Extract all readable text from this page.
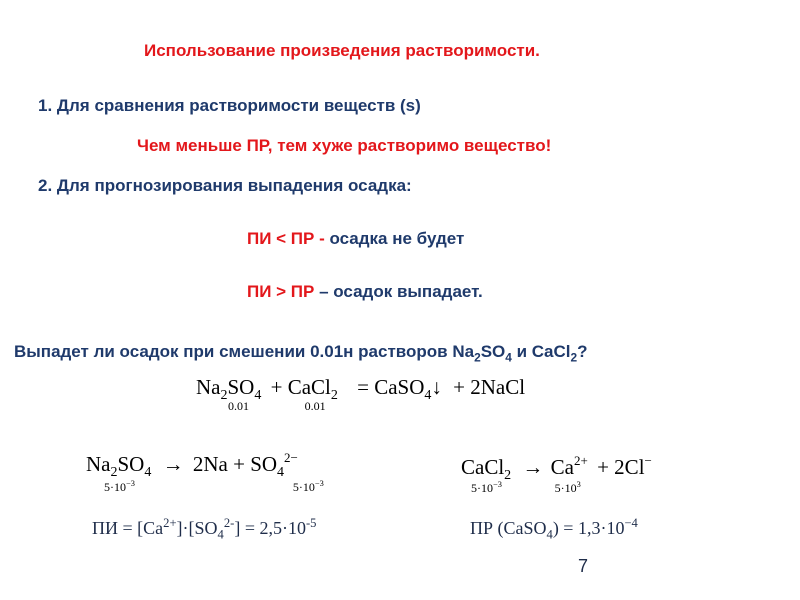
Использование произведения растворимости.
1. Для сравнения растворимости веществ (s)
Чем меньше ПР, тем хуже растворимо вещество!
2. Для прогнозирования выпадения осадка:
ПИ < ПР - осадка не будет
ПИ > ПР – осадок выпадает.
Выпадет ли осадок при смешении 0.01н растворов $Na_2SO_4$ и CaCl$_2$?
$Na_2SO_4$
0.01
+ CaCl$_2$
0.01
= CaSO$_4$↓ + 2NaCl
$Na_2SO_4$
$5\cdot 10^{-3}$
→ $2Na + SO_4^{2-}$
$5\cdot 10^{-3}$
CaCl$_2$
$5\cdot 10^{-3}$
→ $Ca^{2+}$
$5\cdot 10^3$
+ 2Cl−
ПИ = $[Ca^{2+}]\cdot[SO_4^{2-}] = 2,5\cdot 10^{-5}$	ПР (CaSO$_4$) = $1,3\cdot 10^{-4}$
7
